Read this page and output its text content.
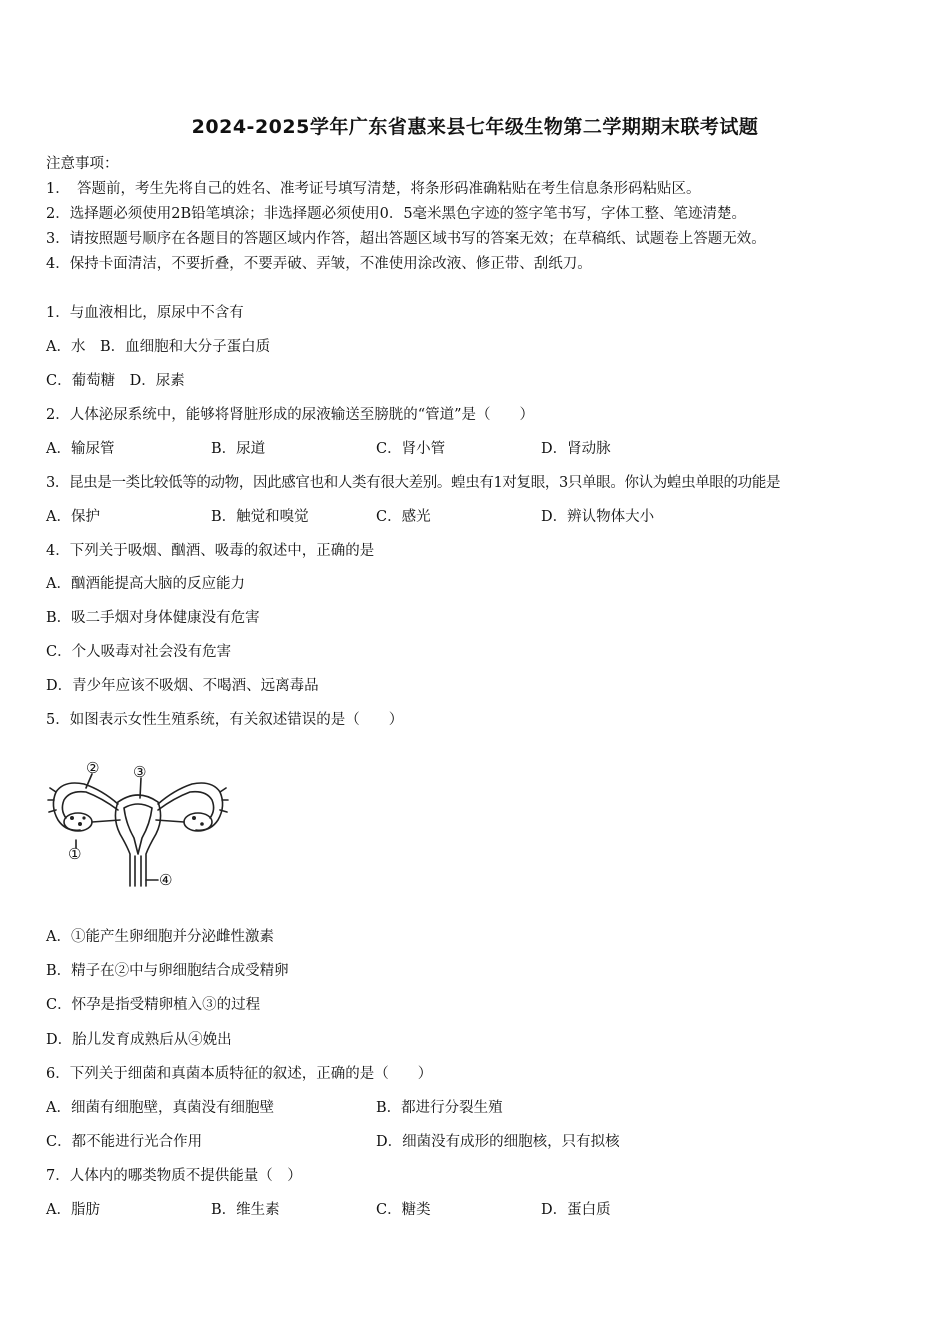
2024-2025学年广东省惠来县七年级生物第二学期期末联考试题
注意事项：
1．　答题前，考生先将自己的姓名、准考证号填写清楚，将条形码准确粘贴在考生信息条形码粘贴区。
2．选择题必须使用2B铅笔填涂；非选择题必须使用0．5毫米黑色字迹的签字笔书写，字体工整、笔迹清楚。
3．请按照题号顺序在各题目的答题区域内作答，超出答题区域书写的答案无效；在草稿纸、试题卷上答题无效。
4．保持卡面清洁，不要折叠，不要弄破、弄皱，不准使用涂改液、修正带、刮纸刀。
1．与血液相比，原尿中不含有
A．水　B．血细胞和大分子蛋白质
C．葡萄糖　D．尿素
2．人体泌尿系统中，能够将肾脏形成的尿液输送至膀胱的“管道”是（　　）
A．输尿管	B．尿道	C．肾小管	D．肾动脉
3．昆虫是一类比较低等的动物，因此感官也和人类有很大差别。蝗虫有1对复眼，3只单眼。你认为蝗虫单眼的功能是
A．保护	B．触觉和嗅觉	C．感光	D．辨认物体大小
4．下列关于吸烟、酗酒、吸毒的叙述中，正确的是
A．酗酒能提高大脑的反应能力
B．吸二手烟对身体健康没有危害
C．个人吸毒对社会没有危害
D．青少年应该不吸烟、不喝酒、远离毒品
5．如图表示女性生殖系统，有关叙述错误的是（　　）
② ③
①
④
A．①能产生卵细胞并分泌雌性激素
B．精子在②中与卵细胞结合成受精卵
C．怀孕是指受精卵植入③的过程
D．胎儿发育成熟后从④娩出
6．下列关于细菌和真菌本质特征的叙述，正确的是（　　）
A．细菌有细胞壁，真菌没有细胞壁	B．都进行分裂生殖
C．都不能进行光合作用	D．细菌没有成形的细胞核，只有拟核
7．人体内的哪类物质不提供能量（　）
A．脂肪	B．维生素	C．糖类	D．蛋白质
